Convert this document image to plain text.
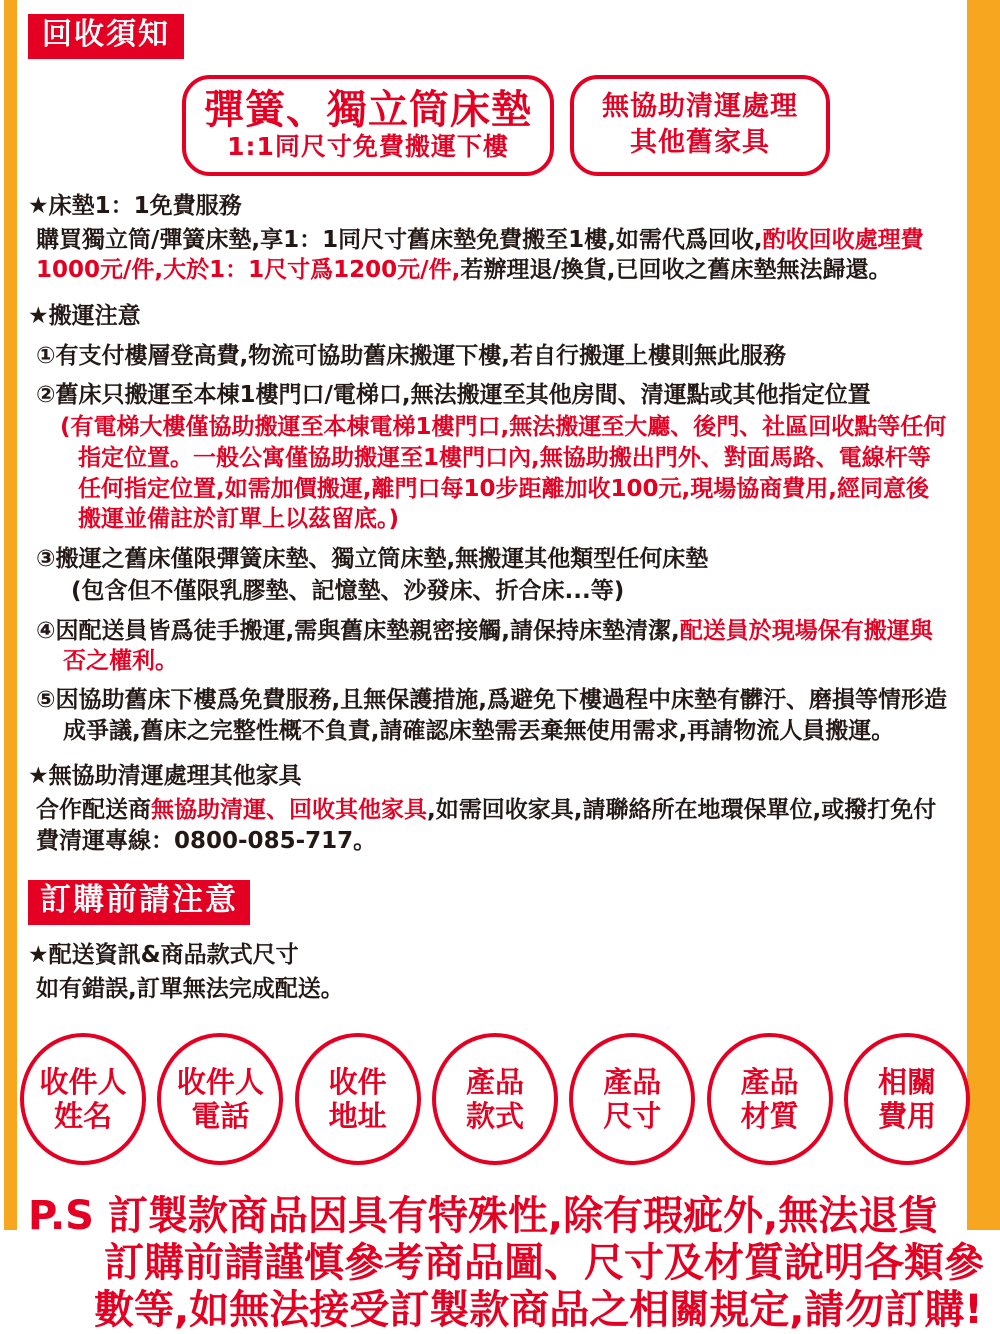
回收須知
彈簧、獨立筒床墊
1:1同尺寸免費搬運下樓
無協助清運處理
其他舊家具
★床墊1：1免費服務
購買獨立筒/彈簧床墊,享1：1同尺寸舊床墊免費搬至1樓,如需代爲回收,酌收回收處理費1000元/件,大於1：1尺寸爲1200元/件,若辦理退/換貨,已回收之舊床墊無法歸還。
★搬運注意
①有支付樓層登高費,物流可協助舊床搬運下樓,若自行搬運上樓則無此服務
②舊床只搬運至本棟1樓門口/電梯口,無法搬運至其他房間、清運點或其他指定位置
(有電梯大樓僅協助搬運至本棟電梯1樓門口,無法搬運至大廳、後門、社區回收點等任何指定位置。一般公寓僅協助搬運至1樓門口內,無協助搬出門外、對面馬路、電線杆等任何指定位置,如需加價搬運,離門口每10步距離加收100元,現場協商費用,經同意後搬運並備註於訂單上以茲留底。)
③搬運之舊床僅限彈簧床墊、獨立筒床墊,無搬運其他類型任何床墊
(包含但不僅限乳膠墊、記憶墊、沙發床、折合床...等)
④因配送員皆爲徒手搬運,需與舊床墊親密接觸,請保持床墊清潔,配送員於現場保有搬運與否之權利。
⑤因協助舊床下樓爲免費服務,且無保護措施,爲避免下樓過程中床墊有髒汙、磨損等情形造成爭議,舊床之完整性概不負責,請確認床墊需丟棄無使用需求,再請物流人員搬運。
★無協助清運處理其他家具
合作配送商無協助清運、回收其他家具,如需回收家具,請聯絡所在地環保單位,或撥打免付費清運專線：0800-085-717。
訂購前請注意
★配送資訊&商品款式尺寸
如有錯誤,訂單無法完成配送。
收件人
姓名
收件人
電話
收件
地址
產品
款式
產品
尺寸
產品
材質
相關
費用
P.S 訂製款商品因具有特殊性,除有瑕疵外,無法退貨
訂購前請謹慎參考商品圖、尺寸及材質說明各類參
數等,如無法接受訂製款商品之相關規定,請勿訂購!
